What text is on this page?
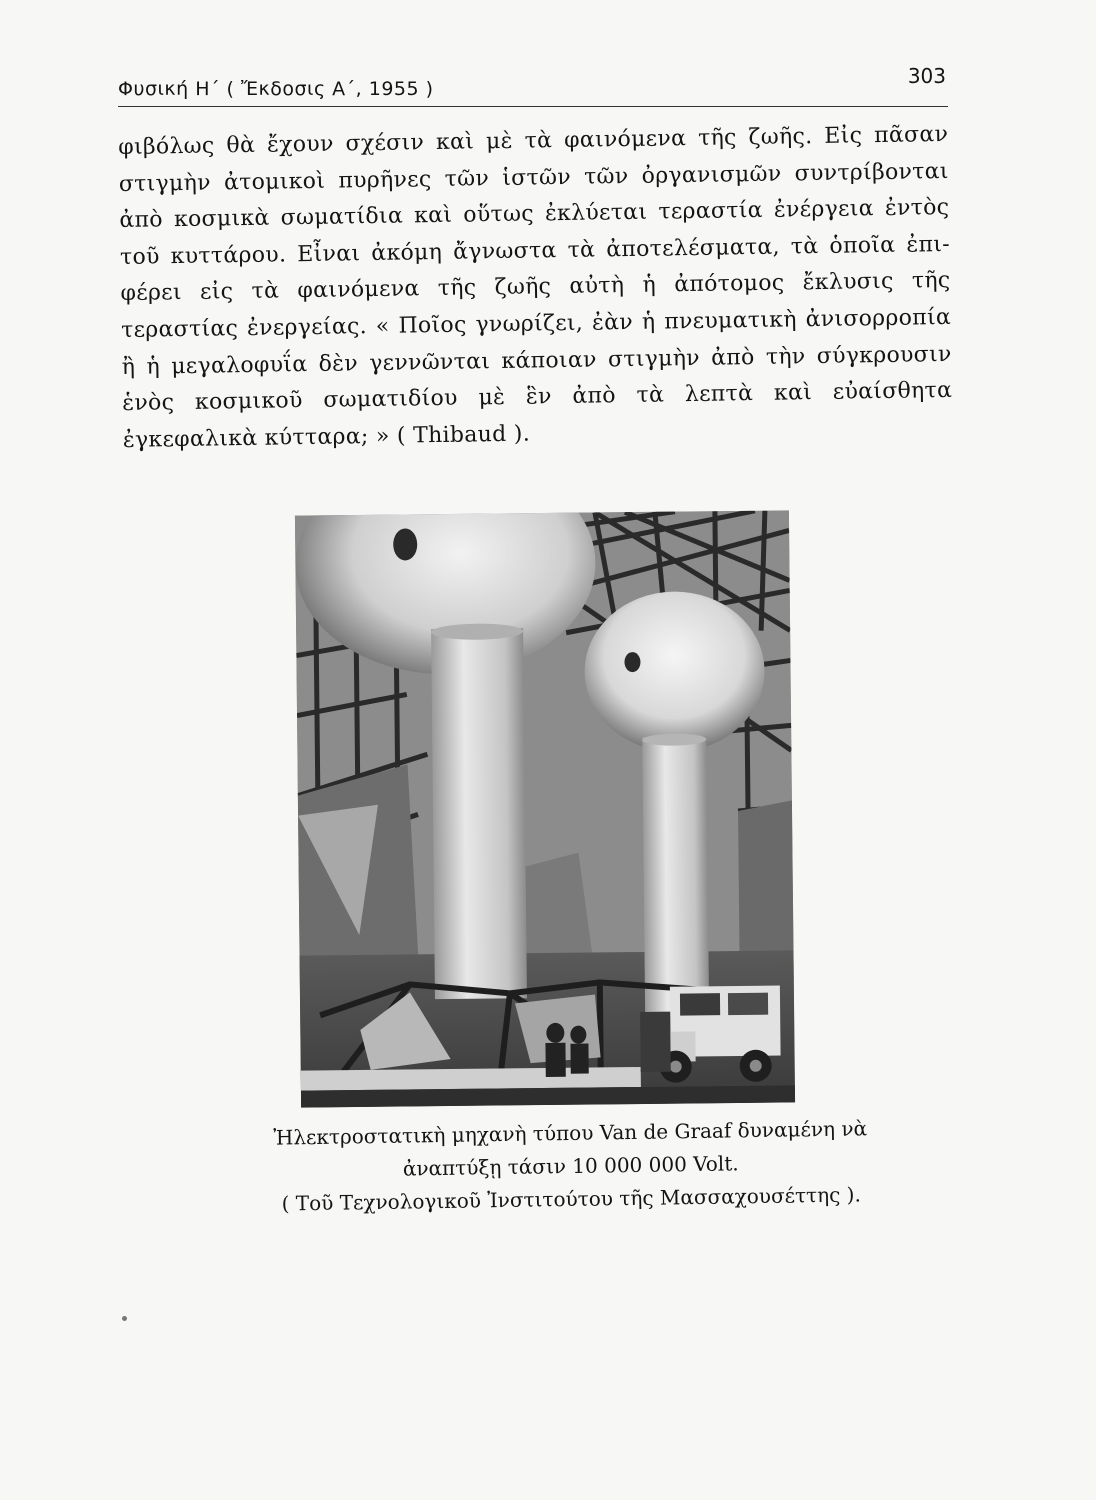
Φυσική Η΄ ( Ἔκδοσις Α΄, 1955 )
303
φιβόλως θὰ ἔχουν σχέσιν καὶ μὲ τὰ φαινόμενα τῆς ζωῆς. Εἰς πᾶσαν
στιγμὴν ἀτομικοὶ πυρῆνες τῶν ἱστῶν τῶν ὀργανισμῶν συντρίβονται
ἀπὸ κοσμικὰ σωματίδια καὶ οὕτως ἐκλύεται τεραστία ἐνέργεια ἐντὸς
τοῦ κυττάρου. Εἶναι ἀκόμη ἄγνωστα τὰ ἀποτελέσματα, τὰ ὁποῖα ἐπι-
φέρει εἰς τὰ φαινόμενα τῆς ζωῆς αὐτὴ ἡ ἀπότομος ἔκλυσις τῆς
τεραστίας ἐνεργείας. « Ποῖος γνωρίζει, ἐὰν ἡ πνευματικὴ ἀνισορροπία
ἢ ἡ μεγαλοφυΐα δὲν γεννῶνται κάποιαν στιγμὴν ἀπὸ τὴν σύγκρουσιν
ἑνὸς κοσμικοῦ σωματιδίου μὲ ἓν ἀπὸ τὰ λεπτὰ καὶ εὐαίσθητα
ἐγκεφαλικὰ κύτταρα; » ( Thibaud ).
Ἠλεκτροστατικὴ μηχανὴ τύπου Van de Graaf δυναμένη νὰ
ἀναπτύξῃ τάσιν 10 000 000 Volt.
( Τοῦ Τεχνολογικοῦ Ἰνστιτούτου τῆς Μασσαχουσέττης ).
